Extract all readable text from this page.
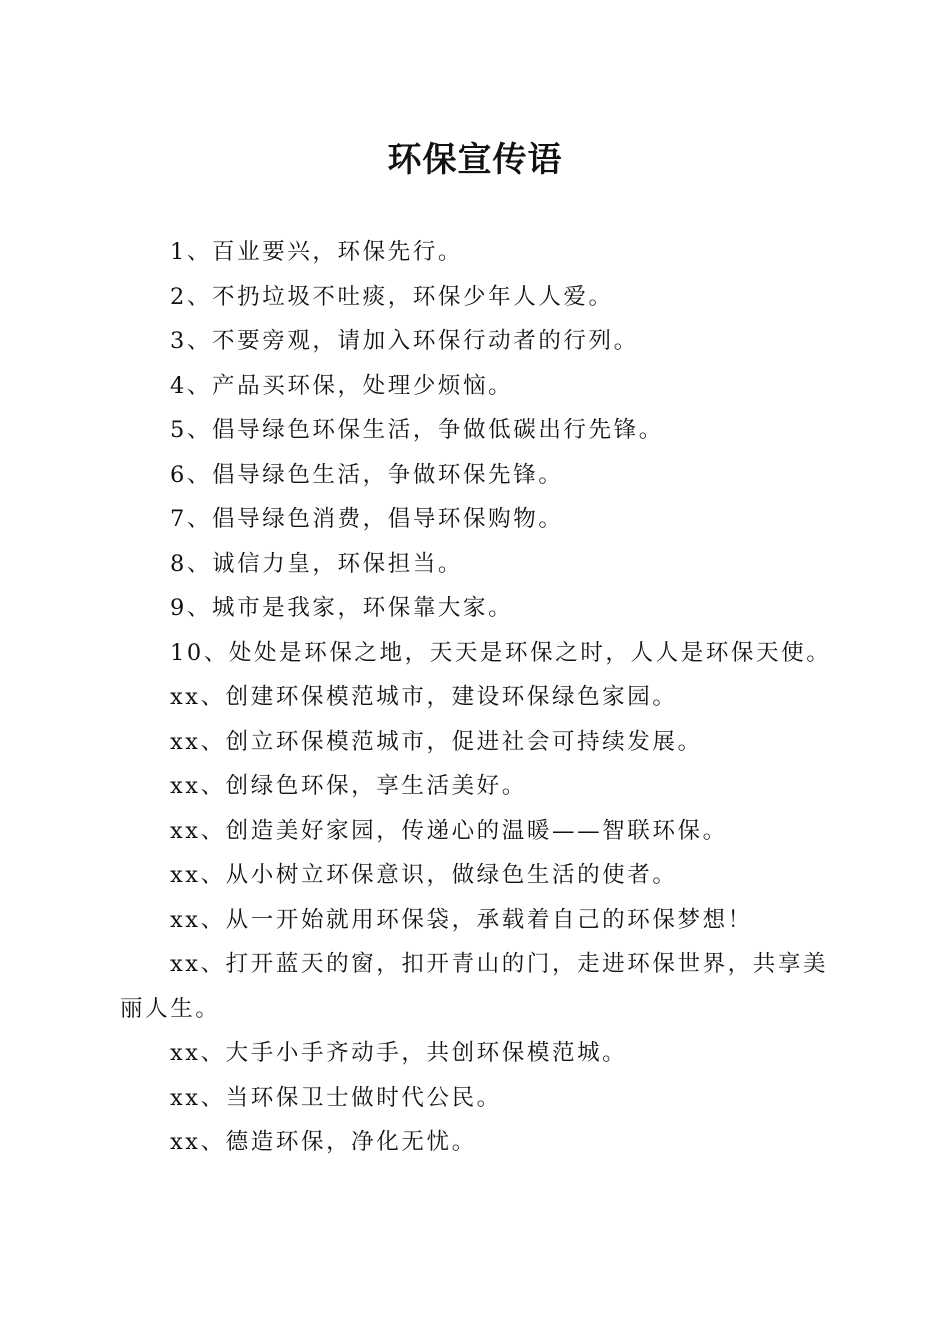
环保宣传语

1、百业要兴，环保先行。

2、不扔垃圾不吐痰，环保少年人人爱。

3、不要旁观，请加入环保行动者的行列。

4、产品买环保，处理少烦恼。

5、倡导绿色环保生活，争做低碳出行先锋。

6、倡导绿色生活，争做环保先锋。

7、倡导绿色消费，倡导环保购物。

8、诚信力皇，环保担当。

9、城市是我家，环保靠大家。

10、处处是环保之地，天天是环保之时，人人是环保天使。

xx、创建环保模范城市，建设环保绿色家园。

xx、创立环保模范城市，促进社会可持续发展。

xx、创绿色环保，享生活美好。

xx、创造美好家园，传递心的温暖——智联环保。

xx、从小树立环保意识，做绿色生活的使者。

xx、从一开始就用环保袋，承载着自己的环保梦想！

xx、打开蓝天的窗，扣开青山的门，走进环保世界，共享美丽人生。

xx、大手小手齐动手，共创环保模范城。

xx、当环保卫士做时代公民。

xx、德造环保，净化无忧。
